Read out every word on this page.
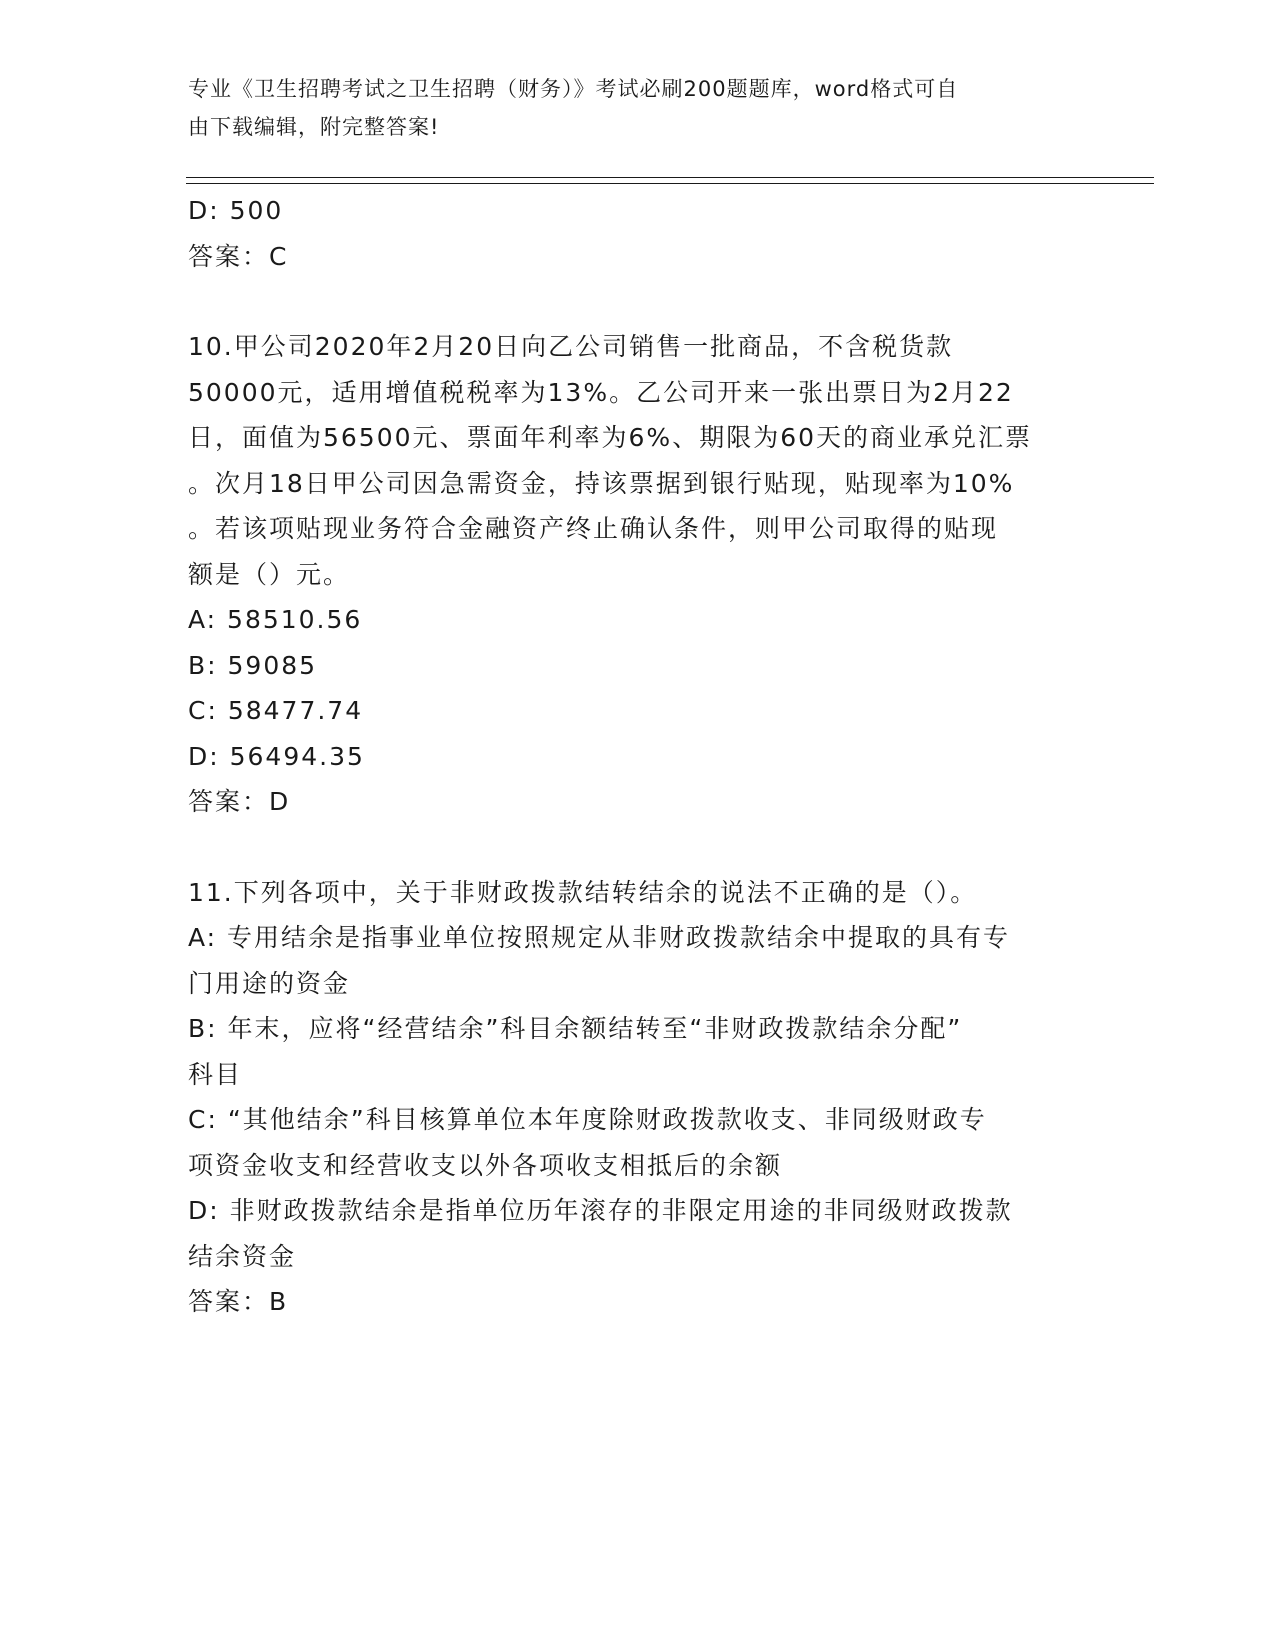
专业《卫生招聘考试之卫生招聘（财务）》考试必刷200题题库，word格式可自
由下载编辑，附完整答案!
D: 500
答案：C
10.甲公司2020年2月20日向乙公司销售一批商品，不含税货款
50000元，适用增值税税率为13%。乙公司开来一张出票日为2月22
日，面值为56500元、票面年利率为6%、期限为60天的商业承兑汇票
。次月18日甲公司因急需资金，持该票据到银行贴现，贴现率为10%
。若该项贴现业务符合金融资产终止确认条件，则甲公司取得的贴现
额是（）元。
A: 58510.56
B: 59085
C: 58477.74
D: 56494.35
答案：D
11.下列各项中，关于非财政拨款结转结余的说法不正确的是（）。
A: 专用结余是指事业单位按照规定从非财政拨款结余中提取的具有专
门用途的资金
B: 年末，应将“经营结余”科目余额结转至“非财政拨款结余分配”
科目
C: “其他结余”科目核算单位本年度除财政拨款收支、非同级财政专
项资金收支和经营收支以外各项收支相抵后的余额
D: 非财政拨款结余是指单位历年滚存的非限定用途的非同级财政拨款
结余资金
答案：B
